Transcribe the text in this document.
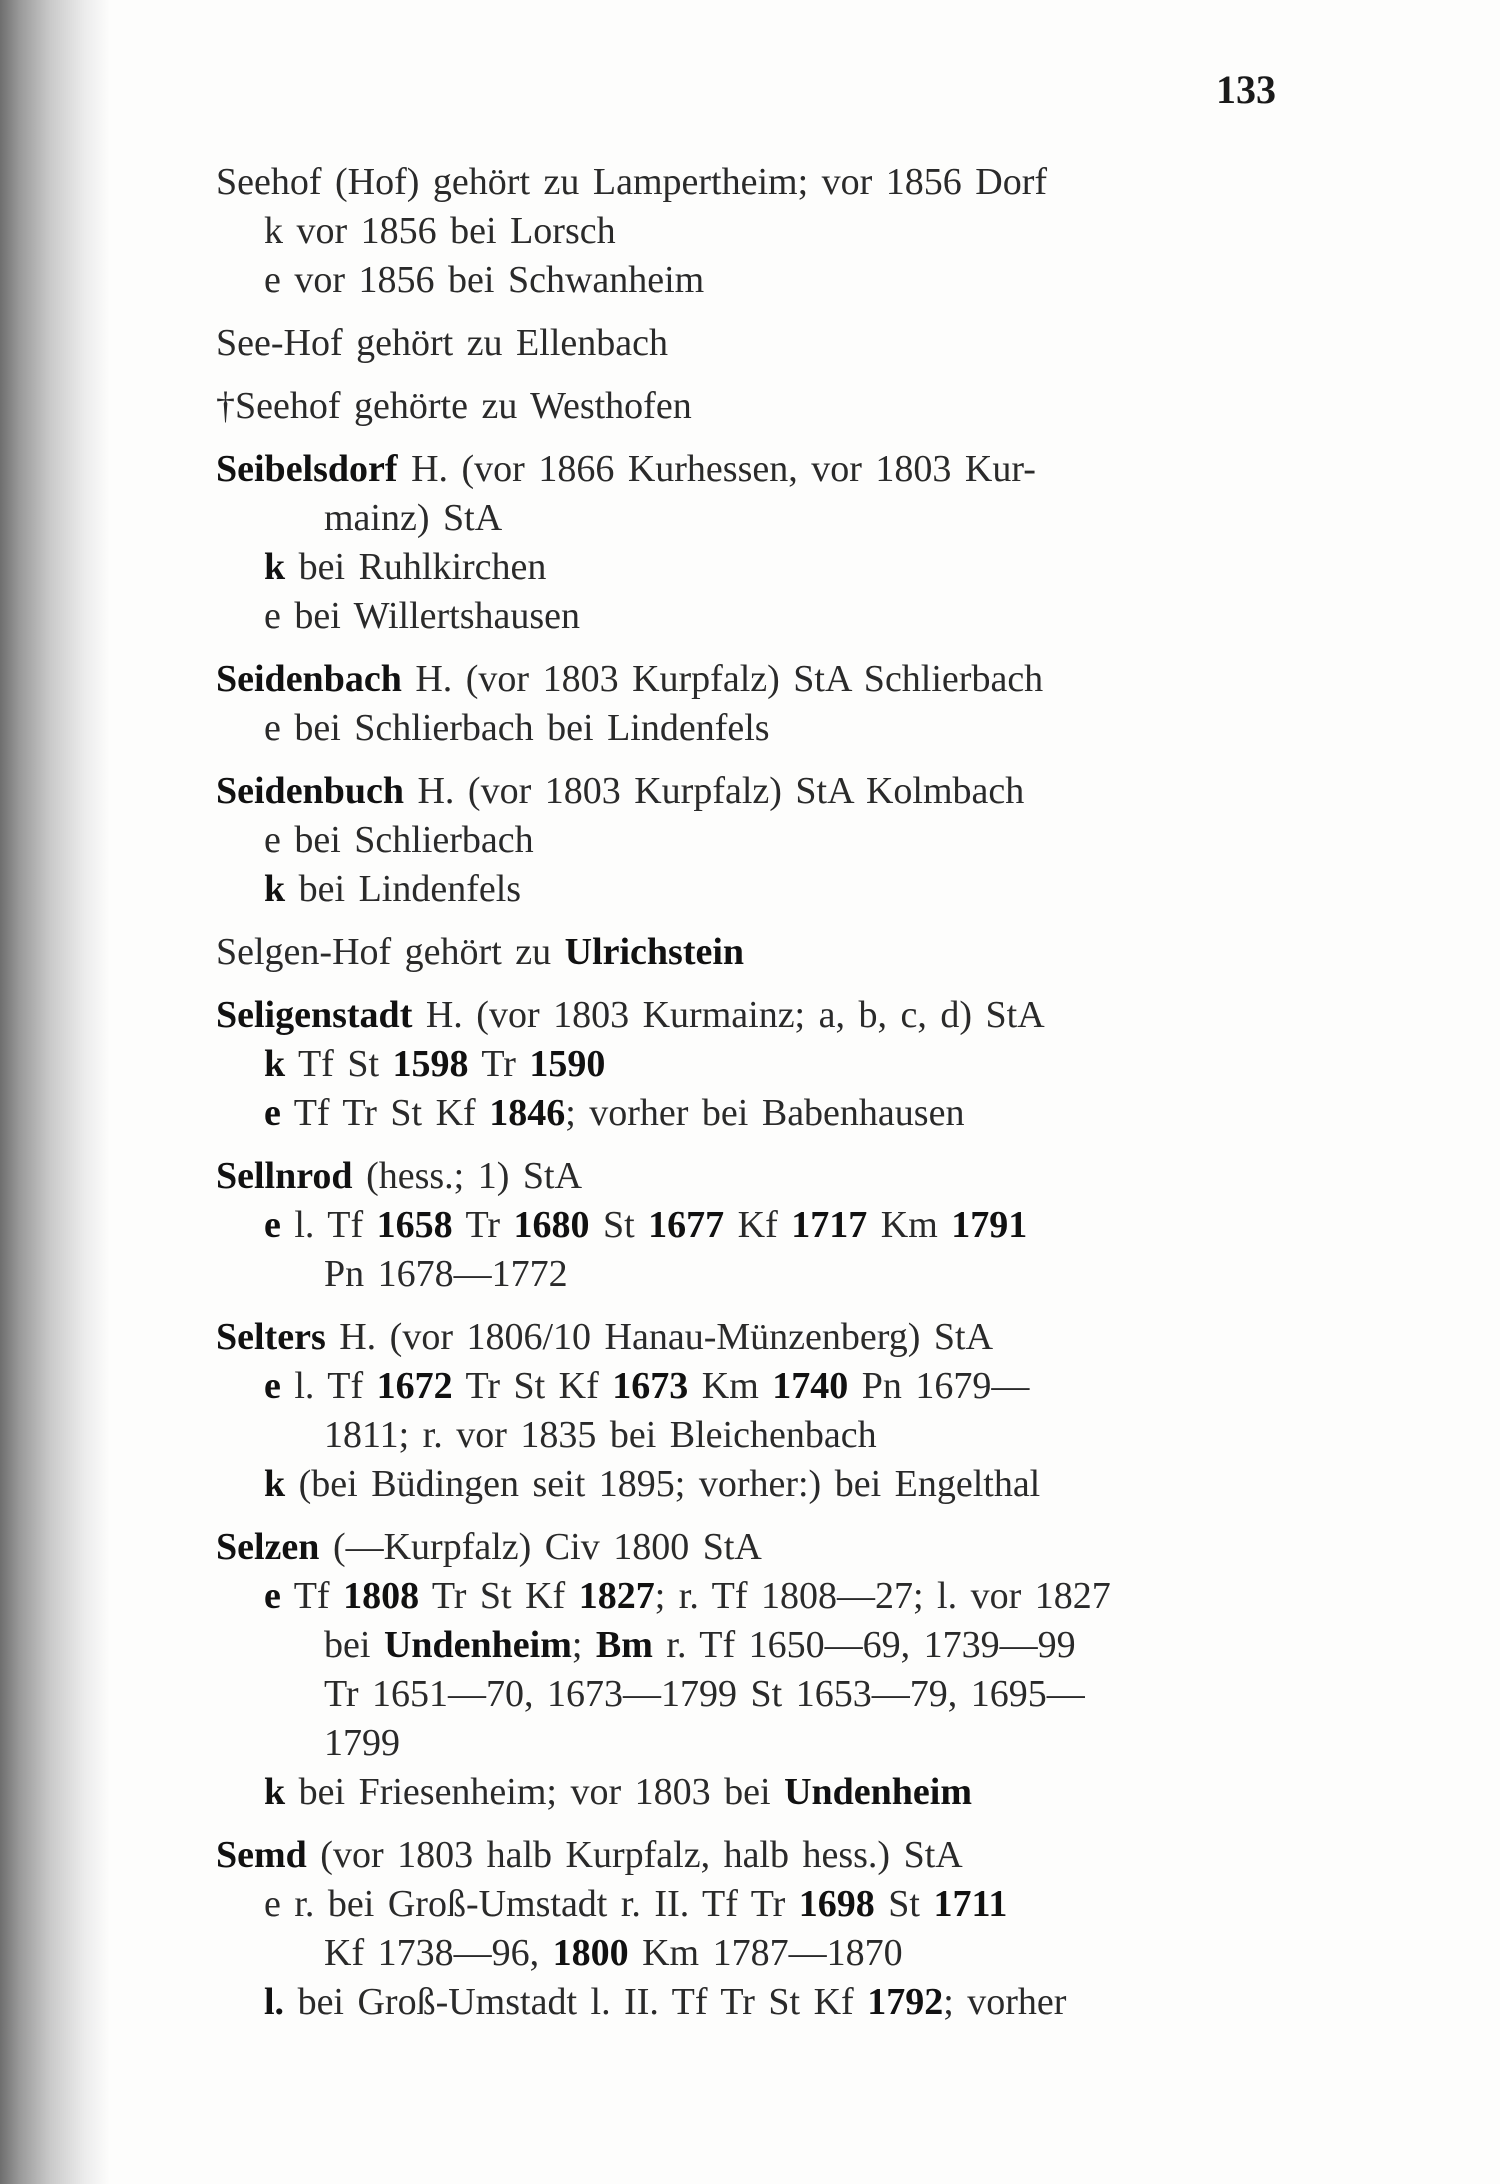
133
Seehof (Hof) gehört zu Lampertheim; vor 1856 Dorf
k vor 1856 bei Lorsch
e vor 1856 bei Schwanheim
See-Hof gehört zu Ellenbach
†Seehof gehörte zu Westhofen
Seibelsdorf H. (vor 1866 Kurhessen, vor 1803 Kur-
mainz) StA
k bei Ruhlkirchen
e bei Willertshausen
Seidenbach H. (vor 1803 Kurpfalz) StA Schlierbach
e bei Schlierbach bei Lindenfels
Seidenbuch H. (vor 1803 Kurpfalz) StA Kolmbach
e bei Schlierbach
k bei Lindenfels
Selgen-Hof gehört zu Ulrichstein
Seligenstadt H. (vor 1803 Kurmainz; a, b, c, d) StA
k Tf St 1598 Tr 1590
e Tf Tr St Kf 1846; vorher bei Babenhausen
Sellnrod (hess.; 1) StA
e l. Tf 1658 Tr 1680 St 1677 Kf 1717 Km 1791
Pn 1678—1772
Selters H. (vor 1806/10 Hanau-Münzenberg) StA
e l. Tf 1672 Tr St Kf 1673 Km 1740 Pn 1679—
1811; r. vor 1835 bei Bleichenbach
k (bei Büdingen seit 1895; vorher:) bei Engelthal
Selzen (—Kurpfalz) Civ 1800 StA
e Tf 1808 Tr St Kf 1827; r. Tf 1808—27; l. vor 1827
bei Undenheim; Bm r. Tf 1650—69, 1739—99
Tr 1651—70, 1673—1799 St 1653—79, 1695—
1799
k bei Friesenheim; vor 1803 bei Undenheim
Semd (vor 1803 halb Kurpfalz, halb hess.) StA
e r. bei Groß-Umstadt r. II. Tf Tr 1698 St 1711
Kf 1738—96, 1800 Km 1787—1870
l. bei Groß-Umstadt l. II. Tf Tr St Kf 1792; vorher
